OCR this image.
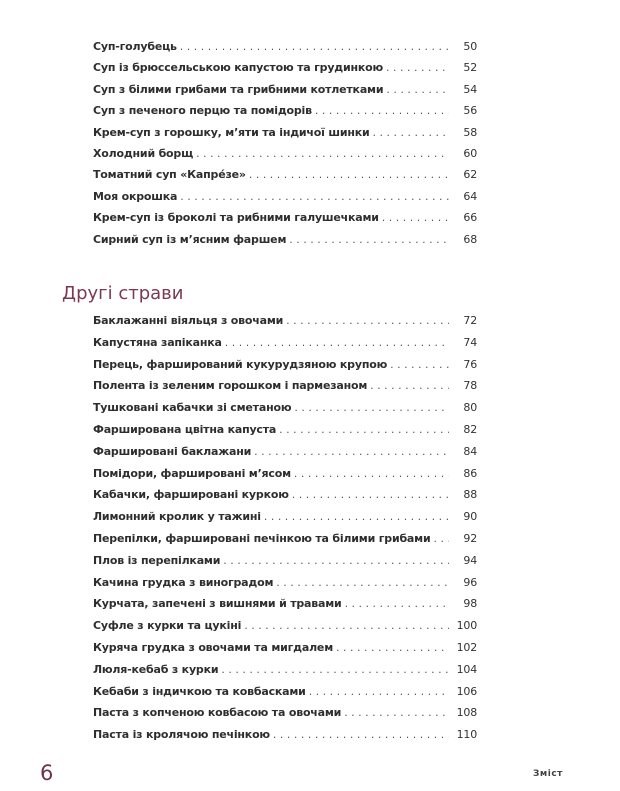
Суп-голубець . . .	50
Суп із брюссельською капустою та грудинкою . . .	52
Суп з білими грибами та грибними котлетками . . .	54
Суп з печеного перцю та помідорів . . .	56
Крем-суп з горошку, м’яти та індичої шинки . . .	58
Холодний борщ . . .	60
Томатний суп «Капре́зе» . . .	62
Моя окрошка . . .	64
Крем-суп із броколі та рибними галушечками . . .	66
Сирний суп із м’ясним фаршем . . .	68
Другі страви
Баклажанні віяльця з овочами . . .	72
Капустяна запіканка . . .	74
Перець, фарширований кукурудзяною крупою . . .	76
Полента із зеленим горошком і пармезаном . . .	78
Тушковані кабачки зі сметаною . . .	80
Фарширована цвітна капуста . . .	82
Фаршировані баклажани . . .	84
Помідори, фаршировані м’ясом . . .	86
Кабачки, фаршировані куркою . . .	88
Лимонний кролик у тажині . . .	90
Перепілки, фаршировані печінкою та білими грибами . . .	92
Плов із перепілками . . .	94
Качина грудка з виноградом . . .	96
Курчата, запечені з вишнями й травами . . .	98
Суфле з курки та цукіні . . .	100
Куряча грудка з овочами та мигдалем . . .	102
Люля-кебаб з курки . . .	104
Кебаби з індичкою та ковбасками . . .	106
Паста з копченою ковбасою та овочами . . .	108
Паста із кролячою печінкою . . .	110
6	Зміст
